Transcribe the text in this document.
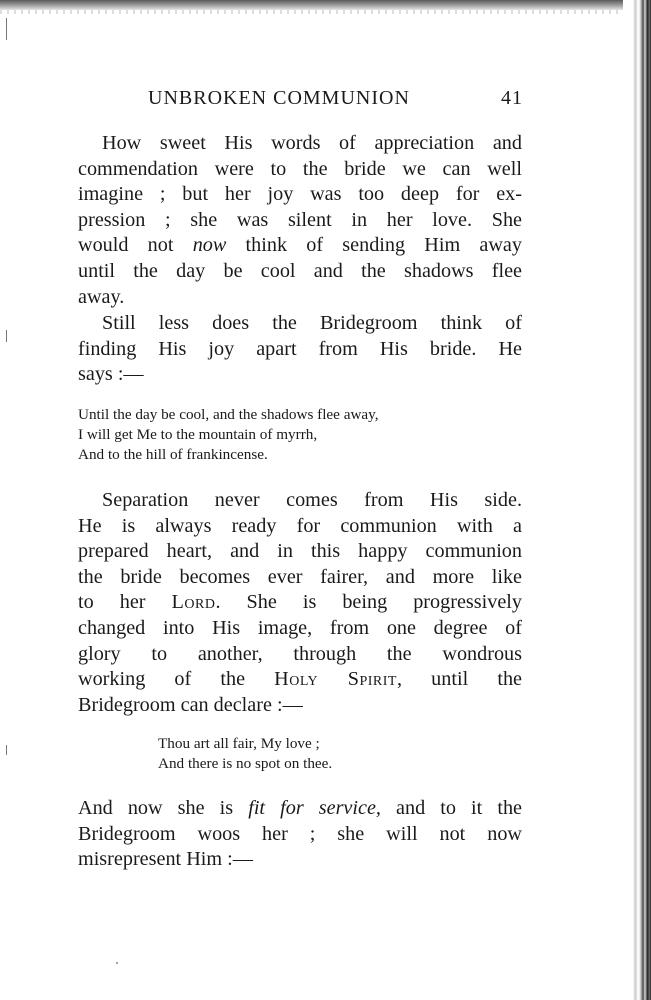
UNBROKEN COMMUNION	41

How sweet His words of appreciation and
commendation were to the bride we can well
imagine ; but her joy was too deep for ex-
pression ; she was silent in her love. She
would not now think of sending Him away
until the day be cool and the shadows flee
away.

Still less does the Bridegroom think of
finding His joy apart from His bride. He
says :—

Until the day be cool, and the shadows flee away,
I will get Me to the mountain of myrrh,
And to the hill of frankincense.

Separation never comes from His side.
He is always ready for communion with a
prepared heart, and in this happy communion
the bride becomes ever fairer, and more like
to her Lord. She is being progressively
changed into His image, from one degree of
glory to another, through the wondrous
working of the Holy Spirit, until the
Bridegroom can declare :—

Thou art all fair, My love ;
And there is no spot on thee.

And now she is fit for service, and to it the
Bridegroom woos her ; she will not now
misrepresent Him :—
